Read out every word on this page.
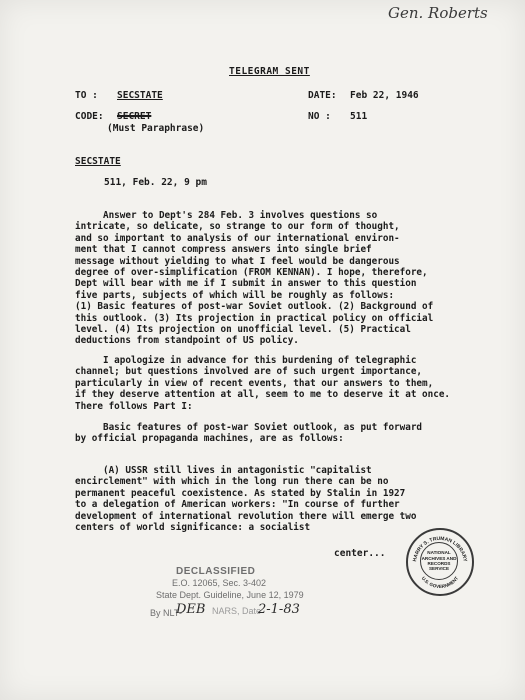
Gen. Roberts
TELEGRAM SENT
TO : SECSTATE	DATE: Feb 22, 1946
CODE: SECRET
(Must Paraphrase)
NO : 511
SECSTATE
511, Feb. 22, 9 pm
Answer to Dept's 284 Feb. 3 involves questions so
intricate, so delicate, so strange to our form of thought,
and so important to analysis of our international environ-
ment that I cannot compress answers into single brief
message without yielding to what I feel would be dangerous
degree of over-simplification (FROM KENNAN). I hope, therefore,
Dept will bear with me if I submit in answer to this question
five parts, subjects of which will be roughly as follows:
(1) Basic features of post-war Soviet outlook. (2) Background of
this outlook. (3) Its projection in practical policy on official
level. (4) Its projection on unofficial level. (5) Practical
deductions from standpoint of US policy.
I apologize in advance for this burdening of telegraphic
channel; but questions involved are of such urgent importance,
particularly in view of recent events, that our answers to them,
if they deserve attention at all, seem to me to deserve it at once.
There follows Part I:
Basic features of post-war Soviet outlook, as put forward
by official propaganda machines, are as follows:
(A) USSR still lives in antagonistic "capitalist
encirclement" with which in the long run there can be no
permanent peaceful coexistence. As stated by Stalin in 1927
to a delegation of American workers: "In course of further
development of international revolution there will emerge two
centers of world significance: a socialist
center...
DECLASSIFIED
E.O. 12065, Sec. 3-402
State Dept. Guideline, June 12, 1979
By NLT-
DEB NARS, Date
2-1-83
HARRY S. TRUMAN LIBRARY
U.S. GOVERNMENT
NATIONAL ARCHIVES AND RECORDS SERVICE
